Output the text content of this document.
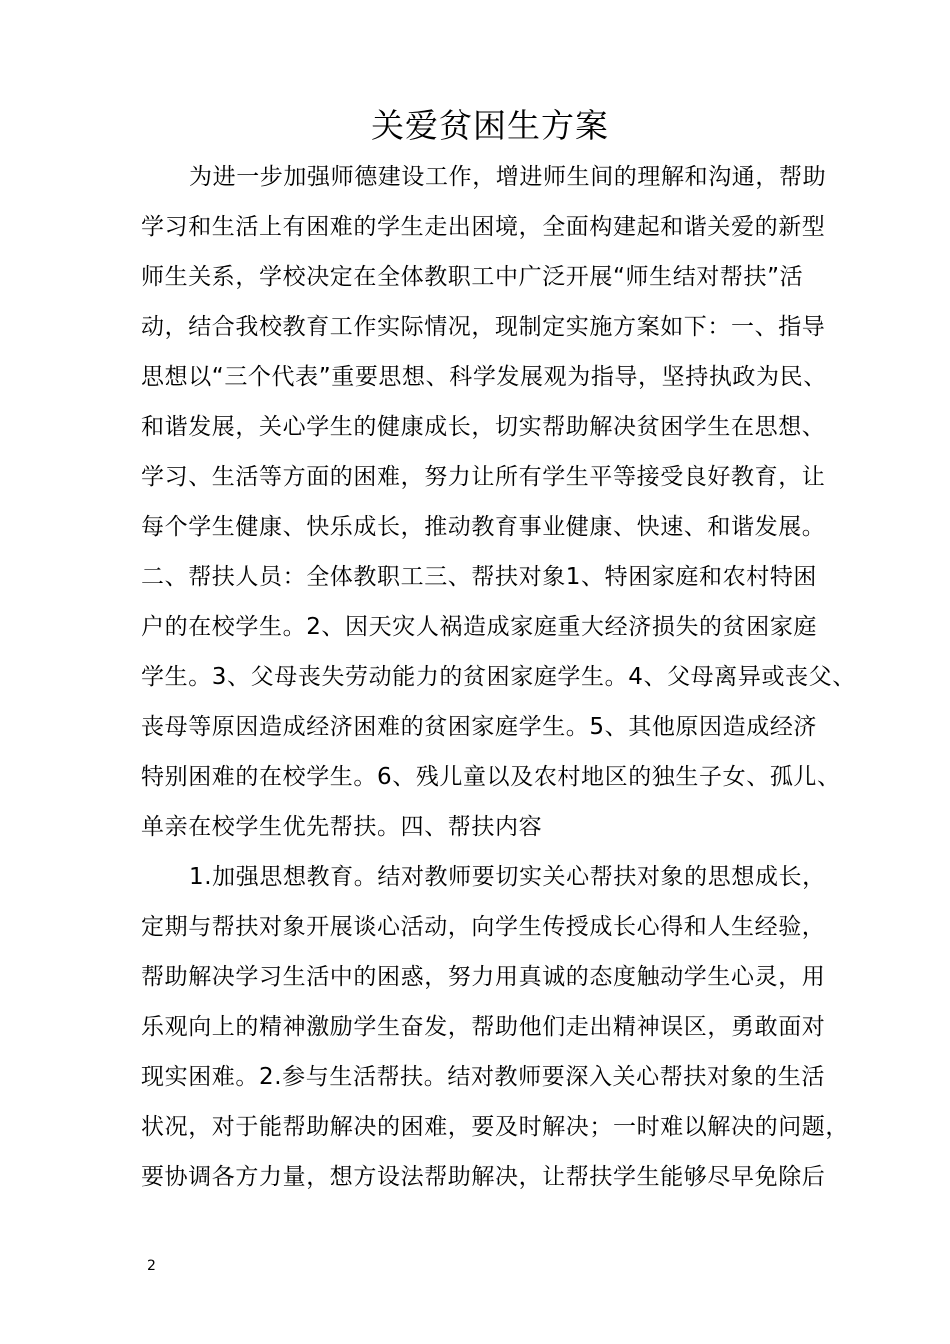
关爱贫困生方案
为进一步加强师德建设工作，增进师生间的理解和沟通，帮助
学习和生活上有困难的学生走出困境，全面构建起和谐关爱的新型
师生关系，学校决定在全体教职工中广泛开展“师生结对帮扶”活
动，结合我校教育工作实际情况，现制定实施方案如下：一、指导
思想以“三个代表”重要思想、科学发展观为指导，坚持执政为民、
和谐发展，关心学生的健康成长，切实帮助解决贫困学生在思想、
学习、生活等方面的困难，努力让所有学生平等接受良好教育，让
每个学生健康、快乐成长，推动教育事业健康、快速、和谐发展。
二、帮扶人员：全体教职工三、帮扶对象1、特困家庭和农村特困
户的在校学生。2、因天灾人祸造成家庭重大经济损失的贫困家庭
学生。3、父母丧失劳动能力的贫困家庭学生。4、父母离异或丧父、
丧母等原因造成经济困难的贫困家庭学生。5、其他原因造成经济
特别困难的在校学生。6、残儿童以及农村地区的独生子女、孤儿、
单亲在校学生优先帮扶。四、帮扶内容
1.加强思想教育。结对教师要切实关心帮扶对象的思想成长，
定期与帮扶对象开展谈心活动，向学生传授成长心得和人生经验，
帮助解决学习生活中的困惑，努力用真诚的态度触动学生心灵，用
乐观向上的精神激励学生奋发，帮助他们走出精神误区，勇敢面对
现实困难。2.参与生活帮扶。结对教师要深入关心帮扶对象的生活
状况，对于能帮助解决的困难，要及时解决；一时难以解决的问题，
要协调各方力量，想方设法帮助解决，让帮扶学生能够尽早免除后
2
